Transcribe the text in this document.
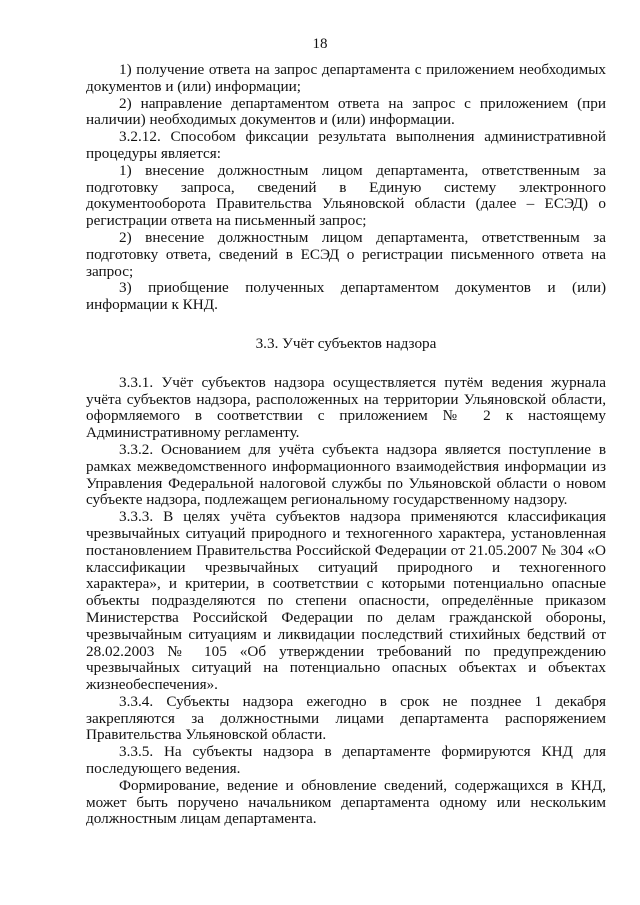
18

1) получение ответа на запрос департамента с приложением необходимых документов и (или) информации;

2) направление департаментом ответа на запрос с приложением (при наличии) необходимых документов и (или) информации.

3.2.12. Способом фиксации результата выполнения административной процедуры является:

1) внесение должностным лицом департамента, ответственным за подготовку запроса, сведений в Единую систему электронного документооборота Правительства Ульяновской области (далее – ЕСЭД) о регистрации ответа на письменный запрос;

2) внесение должностным лицом департамента, ответственным за подготовку ответа, сведений в ЕСЭД о регистрации письменного ответа на запрос;

3) приобщение полученных департаментом документов и (или) информации к КНД.

3.3. Учёт субъектов надзора

3.3.1. Учёт субъектов надзора осуществляется путём ведения журнала учёта субъектов надзора, расположенных на территории Ульяновской области, оформляемого в соответствии с приложением № 2 к настоящему Административному регламенту.

3.3.2. Основанием для учёта субъекта надзора является поступление в рамках межведомственного информационного взаимодействия информации из Управления Федеральной налоговой службы по Ульяновской области о новом субъекте надзора, подлежащем региональному государственному надзору.

3.3.3. В целях учёта субъектов надзора применяются классификация чрезвычайных ситуаций природного и техногенного характера, установленная постановлением Правительства Российской Федерации от 21.05.2007 № 304 «О классификации чрезвычайных ситуаций природного и техногенного характера», и критерии, в соответствии с которыми потенциально опасные объекты подразделяются по степени опасности, определённые приказом Министерства Российской Федерации по делам гражданской обороны, чрезвычайным ситуациям и ликвидации последствий стихийных бедствий от 28.02.2003 № 105 «Об утверждении требований по предупреждению чрезвычайных ситуаций на потенциально опасных объектах и объектах жизнеобеспечения».

3.3.4. Субъекты надзора ежегодно в срок не позднее 1 декабря закрепляются за должностными лицами департамента распоряжением Правительства Ульяновской области.

3.3.5. На субъекты надзора в департаменте формируются КНД для последующего ведения.

Формирование, ведение и обновление сведений, содержащихся в КНД, может быть поручено начальником департамента одному или нескольким должностным лицам департамента.
